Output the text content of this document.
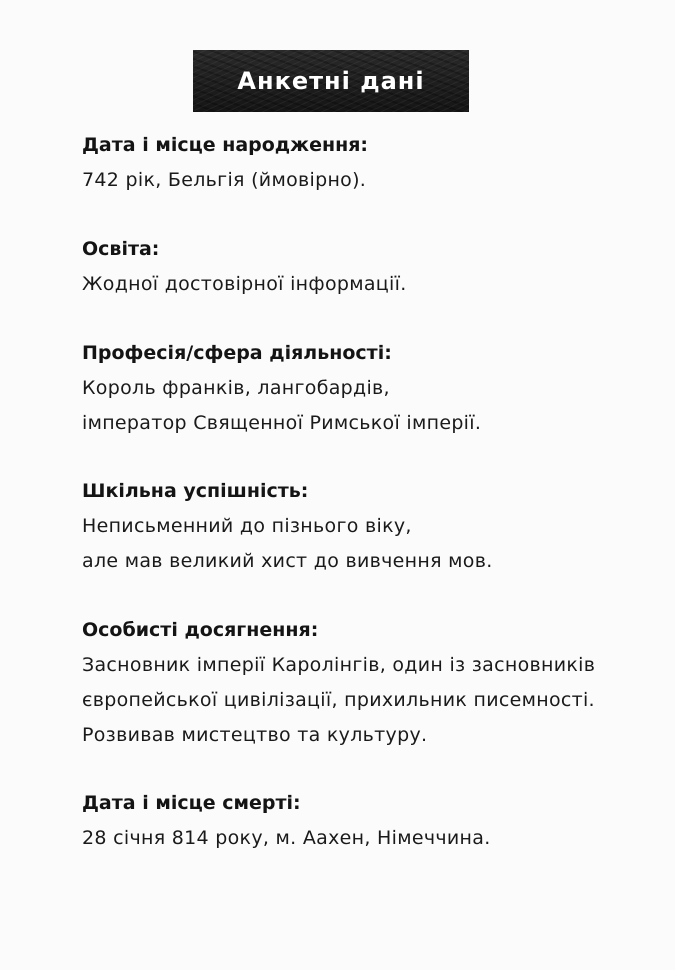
Анкетні дані
Дата і місце народження:
742 рік, Бельгія (ймовірно).
Освіта:
Жодної достовірної інформації.
Професія/сфера діяльності:
Король франків, лангобардів,
імператор Священної Римської імперії.
Шкільна успішність:
Неписьменний до пізнього віку,
але мав великий хист до вивчення мов.
Особисті досягнення:
Засновник імперії Каролінгів, один із засновників
європейської цивілізації, прихильник писемності.
Розвивав мистецтво та культуру.
Дата і місце смерті:
28 січня 814 року, м. Аахен, Німеччина.
